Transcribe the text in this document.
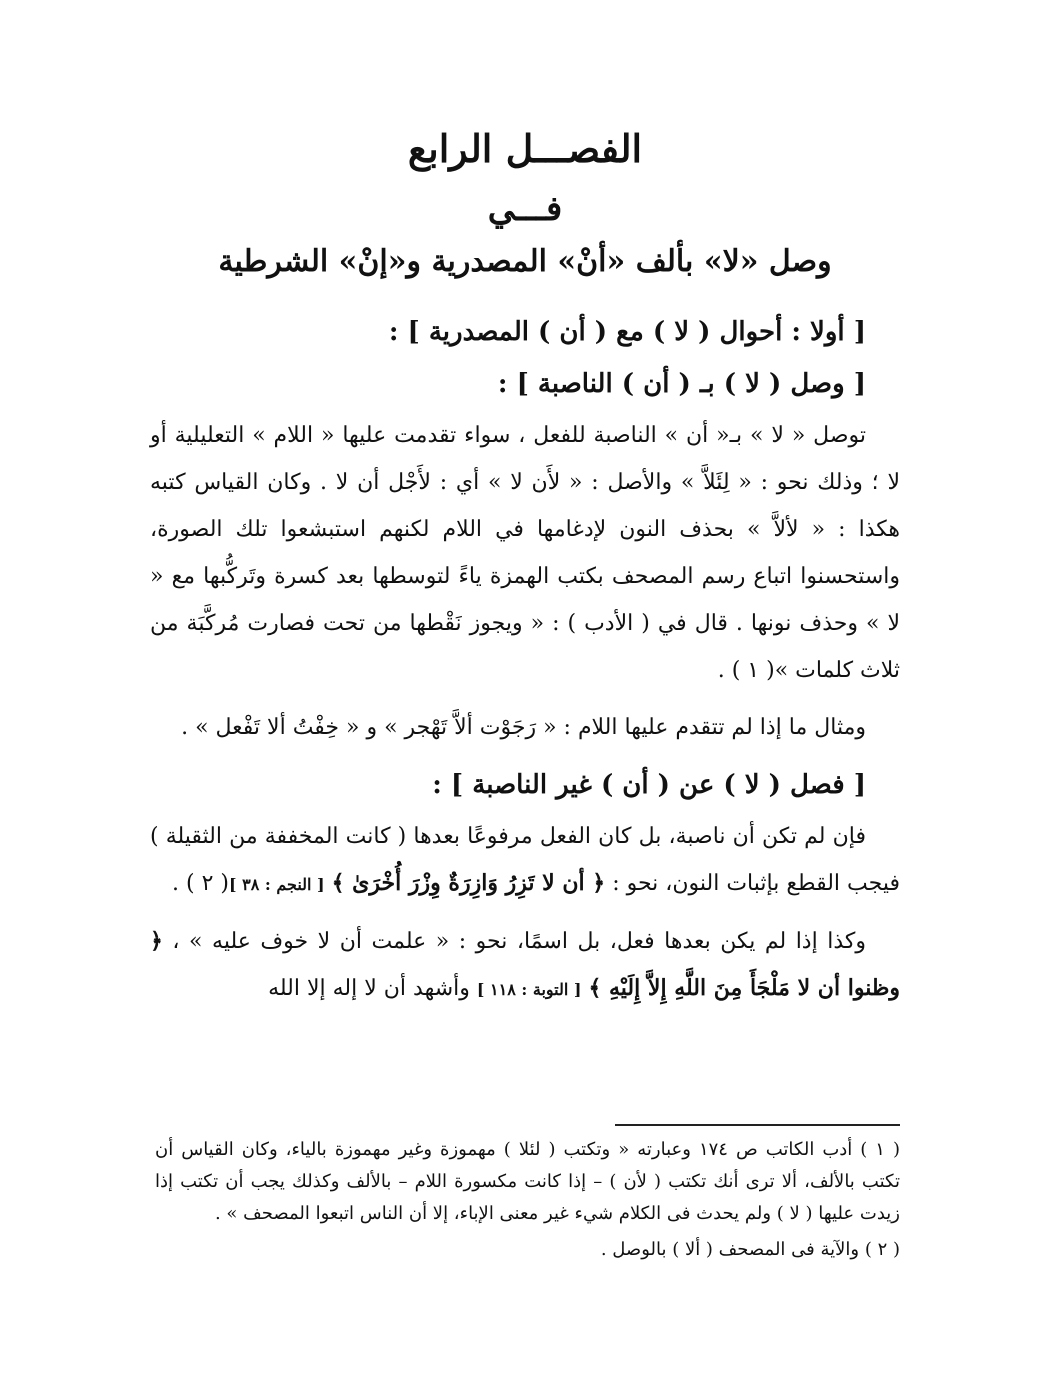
الفصـــل الرابع
فـــي
وصل «لا» بألف «أنْ» المصدرية و«إنْ» الشرطية
[ أولا : أحوال ( لا ) مع ( أن ) المصدرية ] :
[ وصل ( لا ) بـ ( أن ) الناصبة ] :

توصل « لا » بـ« أن » الناصبة للفعل ، سواء تقدمت عليها « اللام » التعليلية أو لا ؛ وذلك نحو : « لِئَلاَّ » والأصل : « لأَن لا » أي : لأَجْل أن لا . وكان القياس كتبه هكذا : « لألاَّ » بحذف النون لإدغامها في اللام لكنهم استبشعوا تلك الصورة، واستحسنوا اتباع رسم المصحف بكتب الهمزة ياءً لتوسطها بعد كسرة وتَركُّبها مع « لا » وحذف نونها . قال في ( الأدب ) : « ويجوز نَقْطها من تحت فصارت مُركَّبَة من ثلاث كلمات »( ١ ) .

ومثال ما إذا لم تتقدم عليها اللام : « رَجَوْت ألاَّ تَهْجر » و « خِفْتُ ألا تَفْعل » .

[ فصل ( لا ) عن ( أن ) غير الناصبة ] :

فإن لم تكن أن ناصبة، بل كان الفعل مرفوعًا بعدها ( كانت المخففة من الثقيلة ) فيجب القطع بإثبات النون، نحو : ﴿ أن لا تَزِرُ وَازِرَةٌ وِزْرَ أُخْرَىٰ ﴾ [ النجم : ٣٨ ]( ٢ ) .

وكذا إذا لم يكن بعدها فعل، بل اسمًا، نحو : « علمت أن لا خوف عليه » ، ﴿ وظنوا أن لا مَلْجَأَ مِنَ اللَّهِ إِلاَّ إِلَيْهِ ﴾ [ التوبة : ١١٨ ] وأشهد أن لا إله إلا الله

( ١ ) أدب الكاتب ص ١٧٤ وعبارته « وتكتب ( لئلا ) مهموزة وغير مهموزة بالياء، وكان القياس أن تكتب بالألف، ألا ترى أنك تكتب ( لأن ) – إذا كانت مكسورة اللام – بالألف وكذلك يجب أن تكتب إذا زيدت عليها ( لا ) ولم يحدث فى الكلام شيء غير معنى الإباء، إلا أن الناس اتبعوا المصحف » .

( ٢ ) والآية فى المصحف ( ألا ) بالوصل .
